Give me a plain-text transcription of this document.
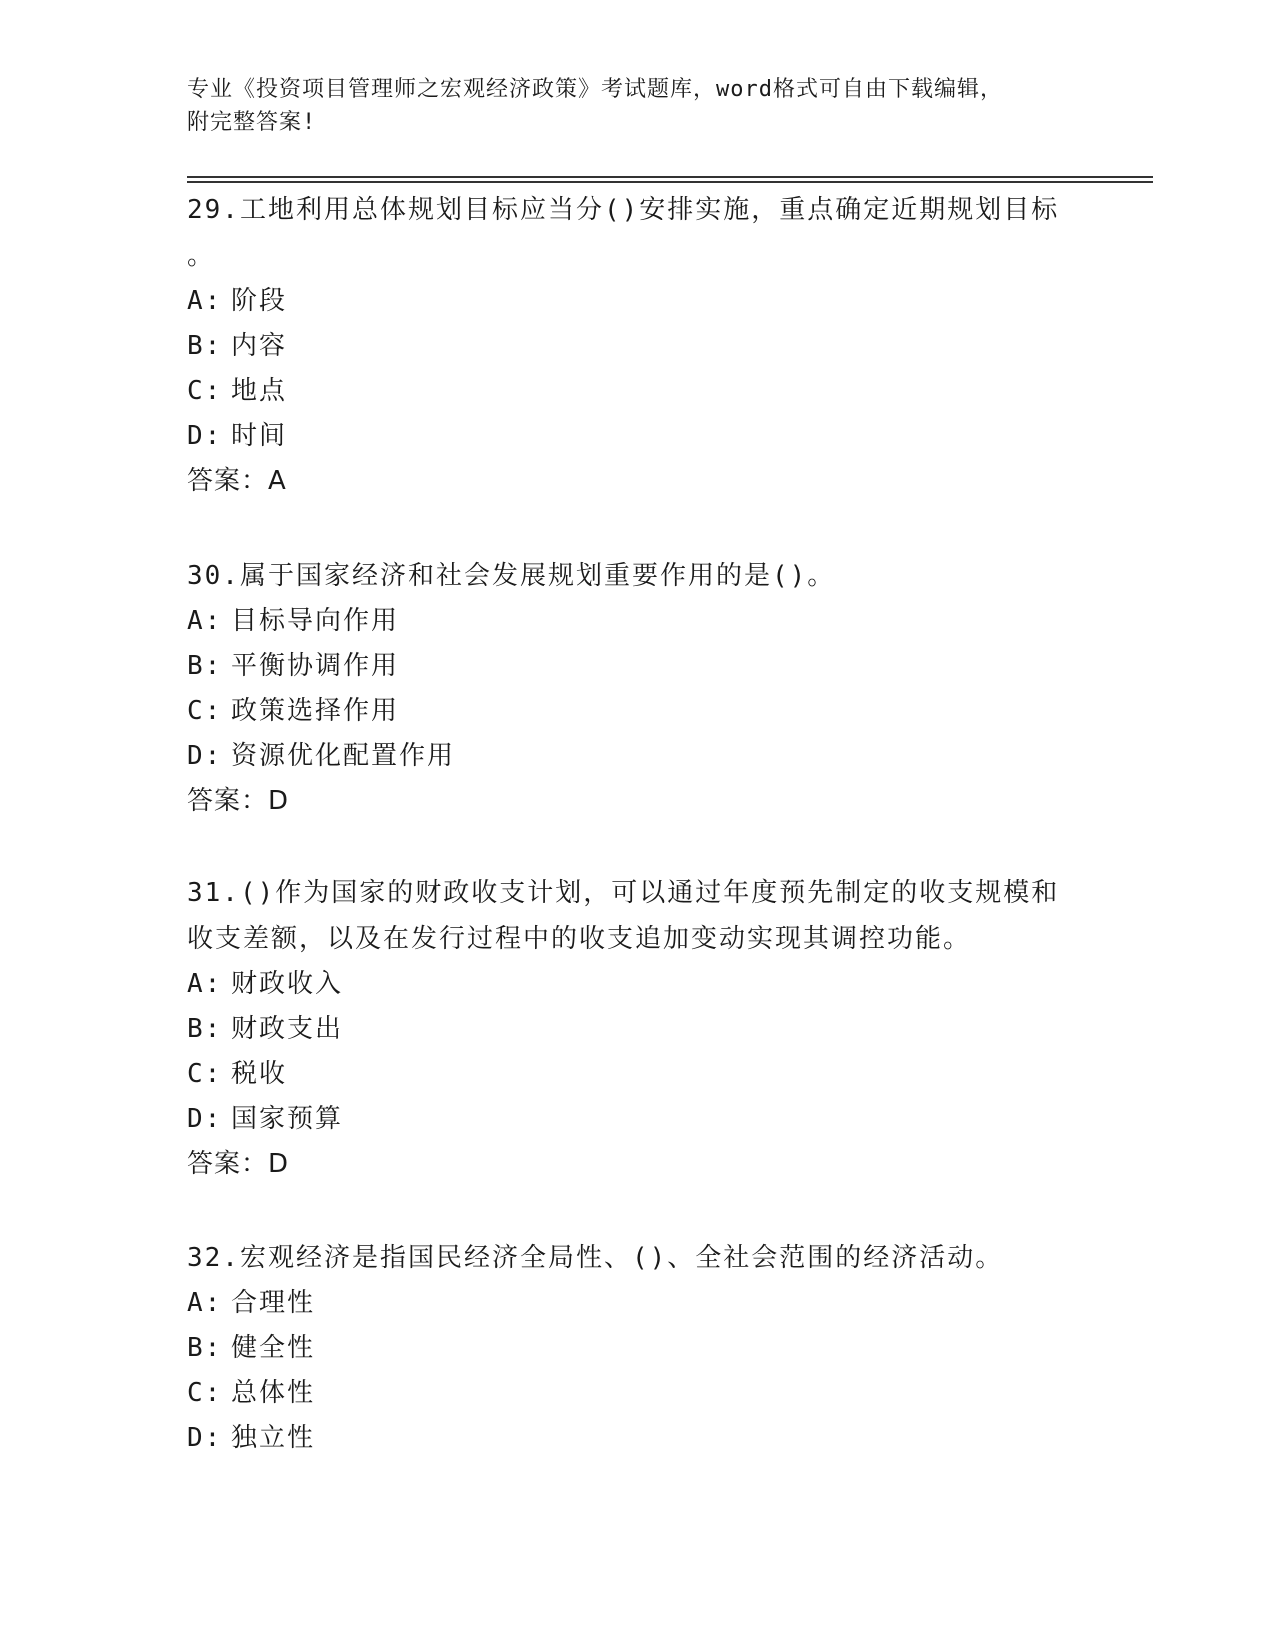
专业《投资项目管理师之宏观经济政策》考试题库，word格式可自由下载编辑，
附完整答案!

29.工地利用总体规划目标应当分()安排实施，重点确定近期规划目标

。

A: 阶段
B: 内容
C: 地点
D: 时间
答案：A

30.属于国家经济和社会发展规划重要作用的是()。

A: 目标导向作用
B: 平衡协调作用
C: 政策选择作用
D: 资源优化配置作用
答案：D

31.()作为国家的财政收支计划，可以通过年度预先制定的收支规模和

收支差额，以及在发行过程中的收支追加变动实现其调控功能。

A: 财政收入
B: 财政支出
C: 税收
D: 国家预算
答案：D

32.宏观经济是指国民经济全局性、()、全社会范围的经济活动。

A: 合理性
B: 健全性
C: 总体性
D: 独立性
